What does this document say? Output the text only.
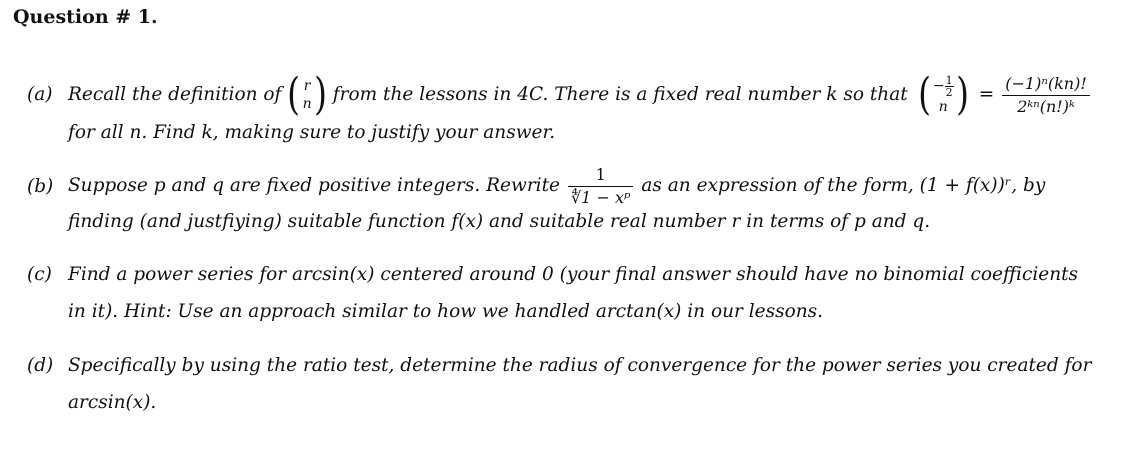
Question # 1.
(a) Recall the definition of ( r
n ) from the lessons in 4C. There is a fixed real number k so that ( − $\frac{1}{2}$
n ) = $\frac{\text{(−1)ⁿ(kn)!}}{\text{2ᵏⁿ(n!)ᵏ}}$
for all n. Find k, making sure to justify your answer.
(b) Suppose p and q are fixed positive integers. Rewrite $\frac{1}{\text{∜1 − xᵖ}}$ as an expression of the form, (1 + f(x))ʳ, by
finding (and justfiying) suitable function f(x) and suitable real number r in terms of p and q.
(c) Find a power series for arcsin(x) centered around 0 (your final answer should have no binomial coefficients
in it). Hint: Use an approach similar to how we handled arctan(x) in our lessons.
(d) Specifically by using the ratio test, determine the radius of convergence for the power series you created for
arcsin(x).
